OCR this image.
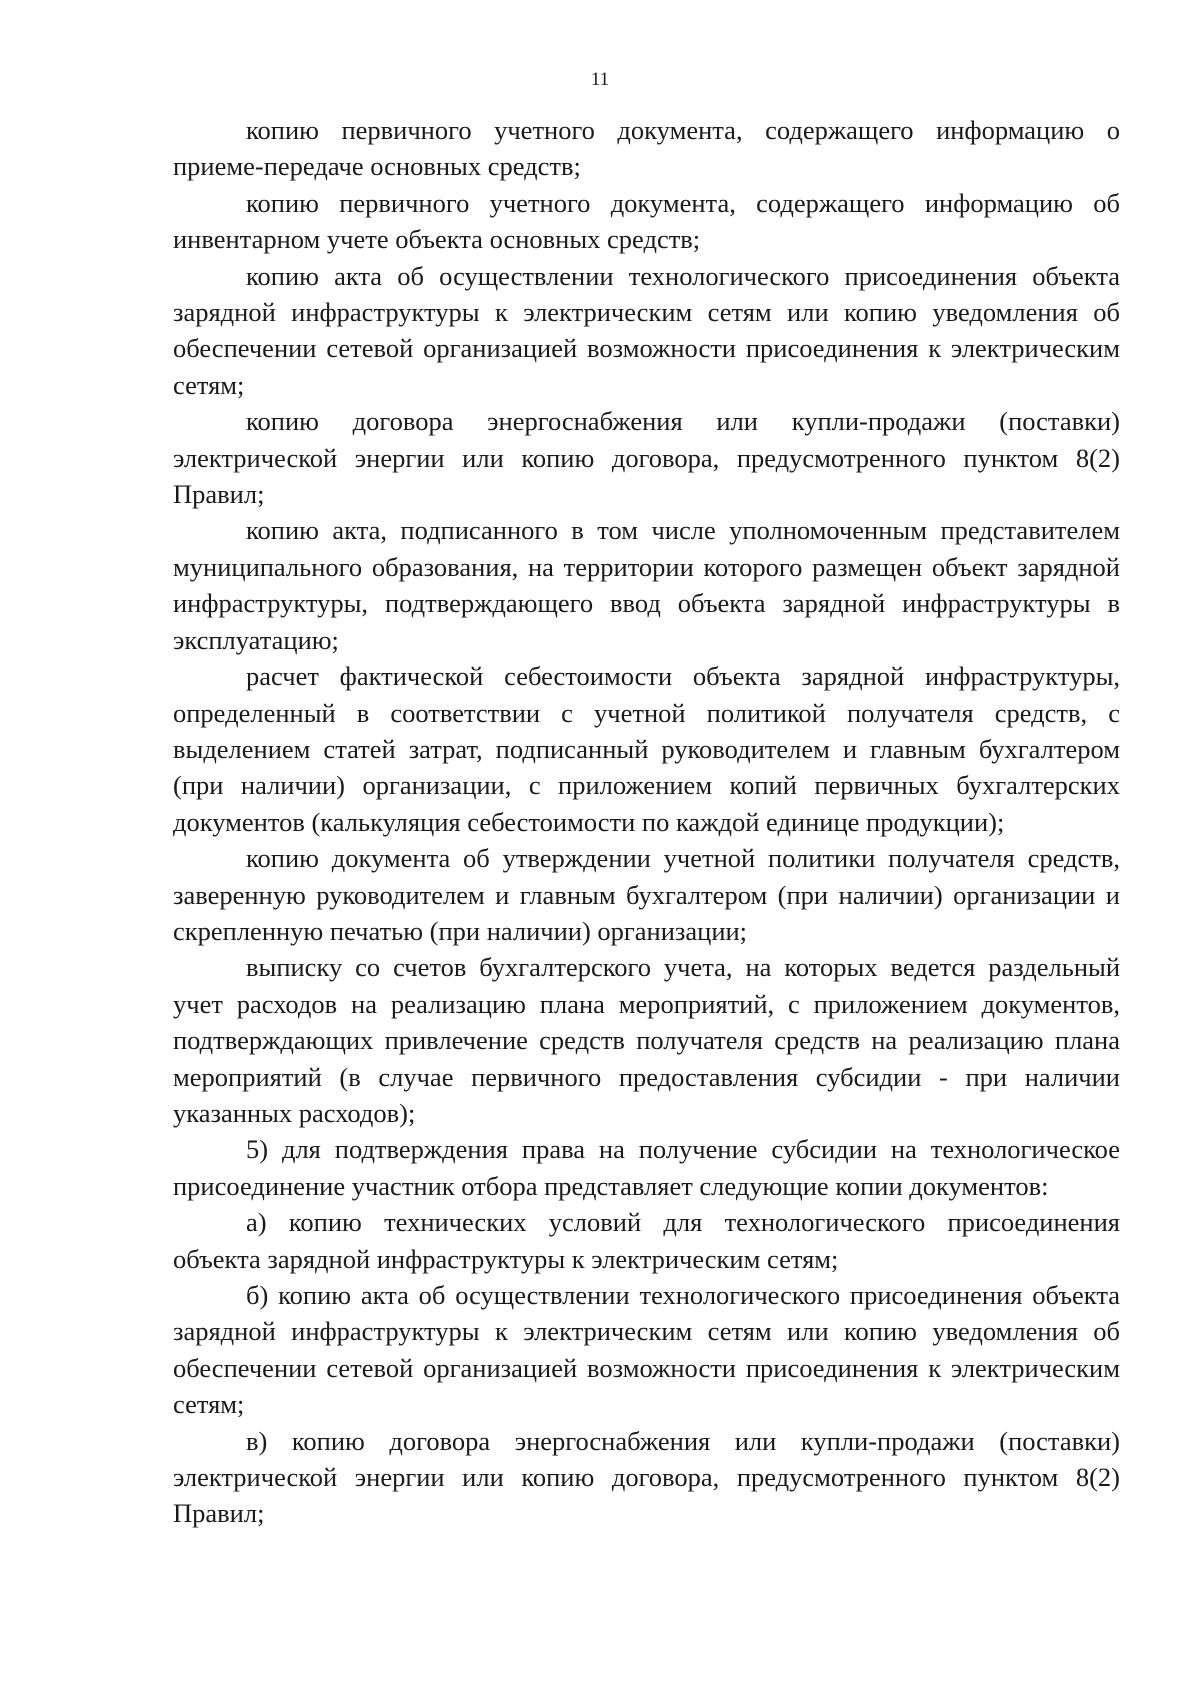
11

копию первичного учетного документа, содержащего информацию о приеме-передаче основных средств;

копию первичного учетного документа, содержащего информацию об инвентарном учете объекта основных средств;

копию акта об осуществлении технологического присоединения объекта зарядной инфраструктуры к электрическим сетям или копию уведомления об обеспечении сетевой организацией возможности присоединения к электрическим сетям;

копию договора энергоснабжения или купли-продажи (поставки) электрической энергии или копию договора, предусмотренного пунктом 8(2) Правил;

копию акта, подписанного в том числе уполномоченным представителем муниципального образования, на территории которого размещен объект зарядной инфраструктуры, подтверждающего ввод объекта зарядной инфраструктуры в эксплуатацию;

расчет фактической себестоимости объекта зарядной инфраструктуры, определенный в соответствии с учетной политикой получателя средств, с выделением статей затрат, подписанный руководителем и главным бухгалтером (при наличии) организации, с приложением копий первичных бухгалтерских документов (калькуляция себестоимости по каждой единице продукции);

копию документа об утверждении учетной политики получателя средств, заверенную руководителем и главным бухгалтером (при наличии) организации и скрепленную печатью (при наличии) организации;

выписку со счетов бухгалтерского учета, на которых ведется раздельный учет расходов на реализацию плана мероприятий, с приложением документов, подтверждающих привлечение средств получателя средств на реализацию плана мероприятий (в случае первичного предоставления субсидии - при наличии указанных расходов);

5) для подтверждения права на получение субсидии на технологическое присоединение участник отбора представляет следующие копии документов:

а) копию технических условий для технологического присоединения объекта зарядной инфраструктуры к электрическим сетям;

б) копию акта об осуществлении технологического присоединения объекта зарядной инфраструктуры к электрическим сетям или копию уведомления об обеспечении сетевой организацией возможности присоединения к электрическим сетям;

в) копию договора энергоснабжения или купли-продажи (поставки) электрической энергии или копию договора, предусмотренного пунктом 8(2) Правил;
